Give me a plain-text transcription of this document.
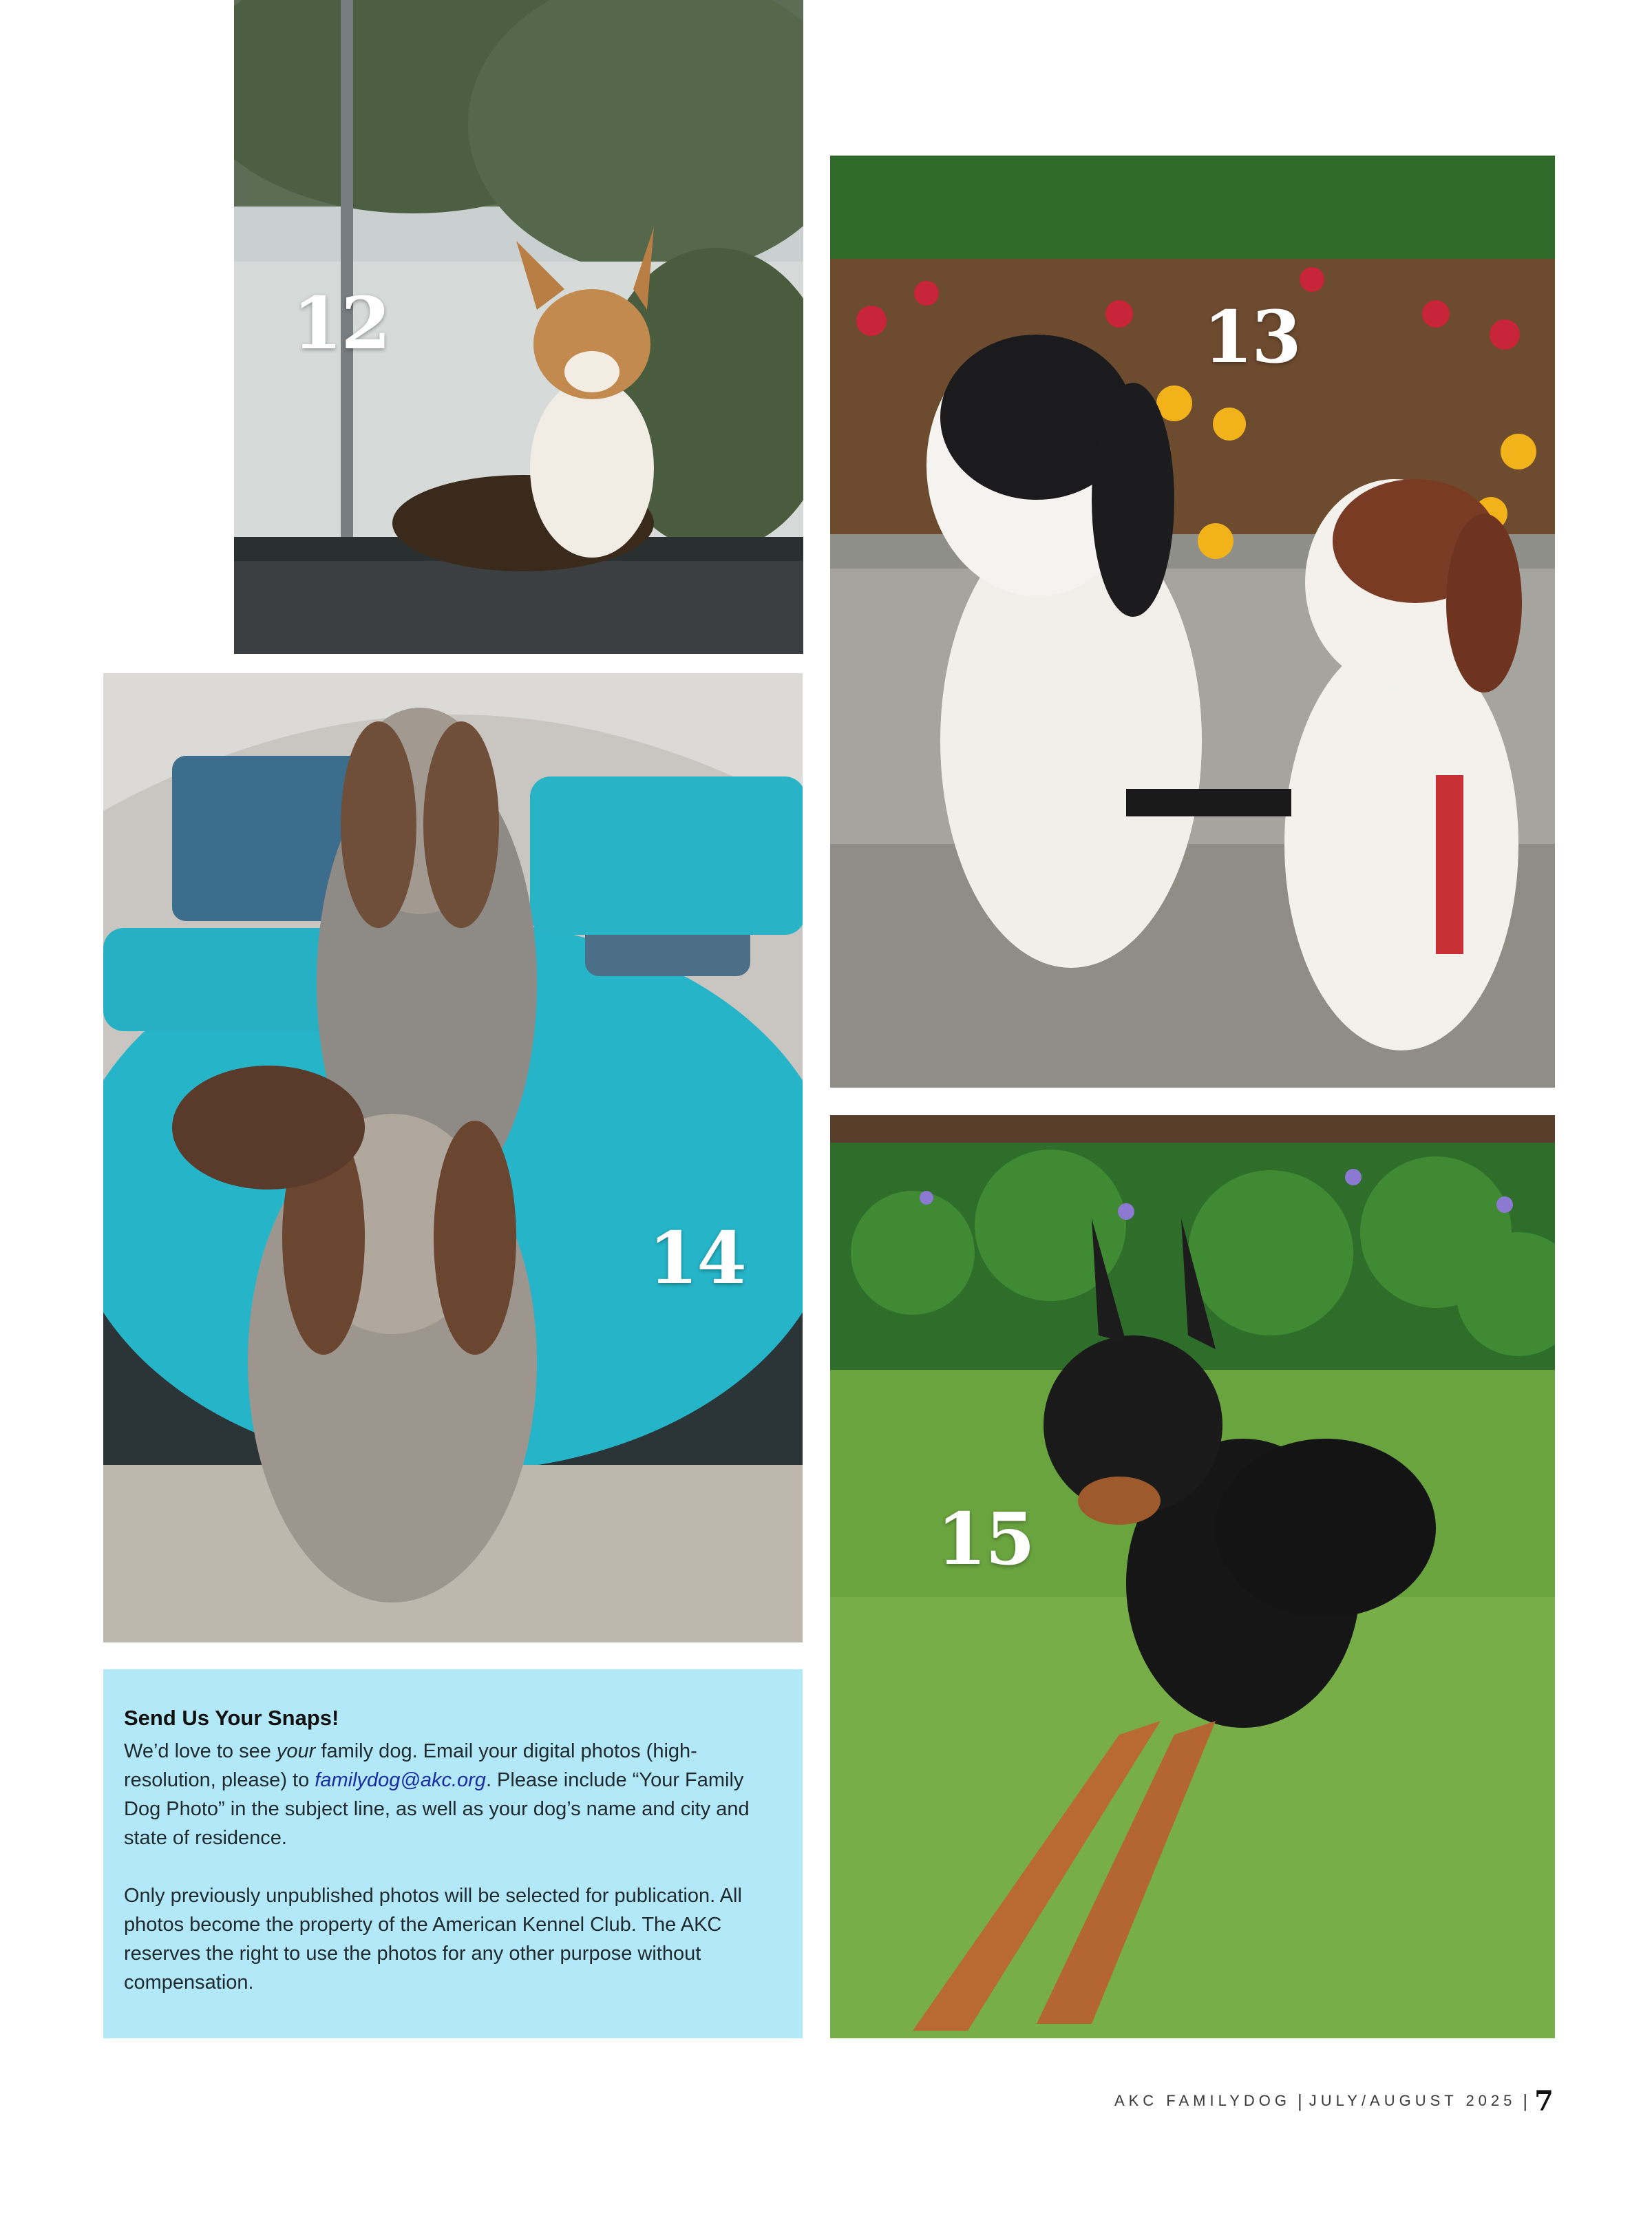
12	13
14
15
Send Us Your Snaps!

We’d love to see your family dog. Email your digital photos (high-resolution, please) to familydog@akc.org. Please include “Your Family Dog Photo” in the subject line, as well as your dog’s name and city and state of residence.

Only previously unpublished photos will be selected for publication. All photos become the property of the American Kennel Club. The AKC reserves the right to use the photos for any other purpose without compensation.

AKC FAMILYDOG | JULY/AUGUST 2025 | 7
